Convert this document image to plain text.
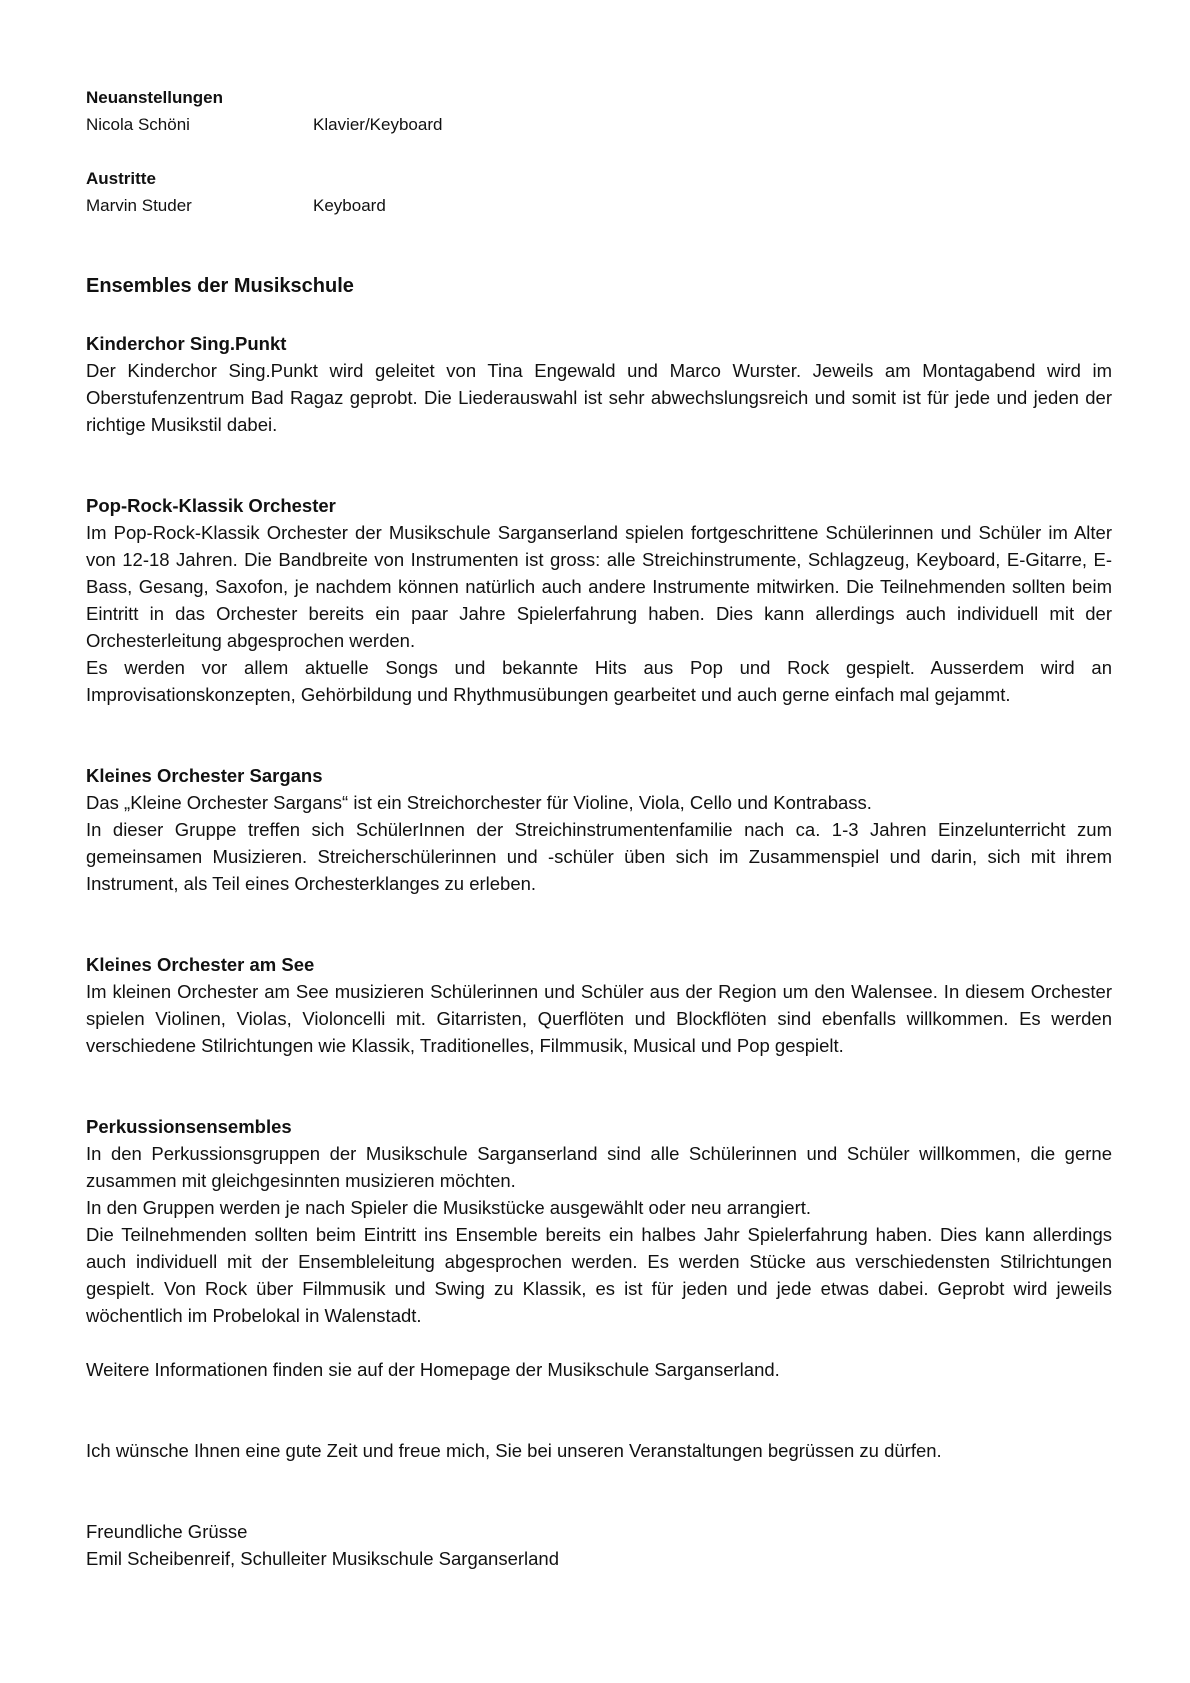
Neuanstellungen
Nicola Schöni	Klavier/Keyboard
Austritte
Marvin Studer	Keyboard
Ensembles der Musikschule
Kinderchor Sing.Punkt

Der Kinderchor Sing.Punkt wird geleitet von Tina Engewald und Marco Wurster. Jeweils am Montagabend wird im Oberstufenzentrum Bad Ragaz geprobt. Die Liederauswahl ist sehr abwechslungsreich und somit ist für jede und jeden der richtige Musikstil dabei.

Pop-Rock-Klassik Orchester

Im Pop-Rock-Klassik Orchester der Musikschule Sarganserland spielen fortgeschrittene Schülerinnen und Schüler im Alter von 12-18 Jahren. Die Bandbreite von Instrumenten ist gross: alle Streichinstrumente, Schlagzeug, Keyboard, E-Gitarre, E-Bass, Gesang, Saxofon, je nachdem können natürlich auch andere Instrumente mitwirken. Die Teilnehmenden sollten beim Eintritt in das Orchester bereits ein paar Jahre Spielerfahrung haben. Dies kann allerdings auch individuell mit der Orchesterleitung abgesprochen werden.

Es werden vor allem aktuelle Songs und bekannte Hits aus Pop und Rock gespielt. Ausserdem wird an Improvisationskonzepten, Gehörbildung und Rhythmusübungen gearbeitet und auch gerne einfach mal gejammt.

Kleines Orchester Sargans

Das „Kleine Orchester Sargans“ ist ein Streichorchester für Violine, Viola, Cello und Kontrabass.

In dieser Gruppe treffen sich SchülerInnen der Streichinstrumentenfamilie nach ca. 1-3 Jahren Einzelunterricht zum gemeinsamen Musizieren. Streicherschülerinnen und -schüler üben sich im Zusammenspiel und darin, sich mit ihrem Instrument, als Teil eines Orchesterklanges zu erleben.

Kleines Orchester am See

Im kleinen Orchester am See musizieren Schülerinnen und Schüler aus der Region um den Walensee. In diesem Orchester spielen Violinen, Violas, Violoncelli mit. Gitarristen, Querflöten und Blockflöten sind ebenfalls willkommen. Es werden verschiedene Stilrichtungen wie Klassik, Traditionelles, Filmmusik, Musical und Pop gespielt.

Perkussionsensembles

In den Perkussionsgruppen der Musikschule Sarganserland sind alle Schülerinnen und Schüler willkommen, die gerne zusammen mit gleichgesinnten musizieren möchten.

In den Gruppen werden je nach Spieler die Musikstücke ausgewählt oder neu arrangiert.

Die Teilnehmenden sollten beim Eintritt ins Ensemble bereits ein halbes Jahr Spielerfahrung haben. Dies kann allerdings auch individuell mit der Ensembleleitung abgesprochen werden. Es werden Stücke aus verschiedensten Stilrichtungen gespielt. Von Rock über Filmmusik und Swing zu Klassik, es ist für jeden und jede etwas dabei. Geprobt wird jeweils wöchentlich im Probelokal in Walenstadt.

Weitere Informationen finden sie auf der Homepage der Musikschule Sarganserland.
Ich wünsche Ihnen eine gute Zeit und freue mich, Sie bei unseren Veranstaltungen begrüssen zu dürfen.
Freundliche Grüsse
Emil Scheibenreif, Schulleiter Musikschule Sarganserland
